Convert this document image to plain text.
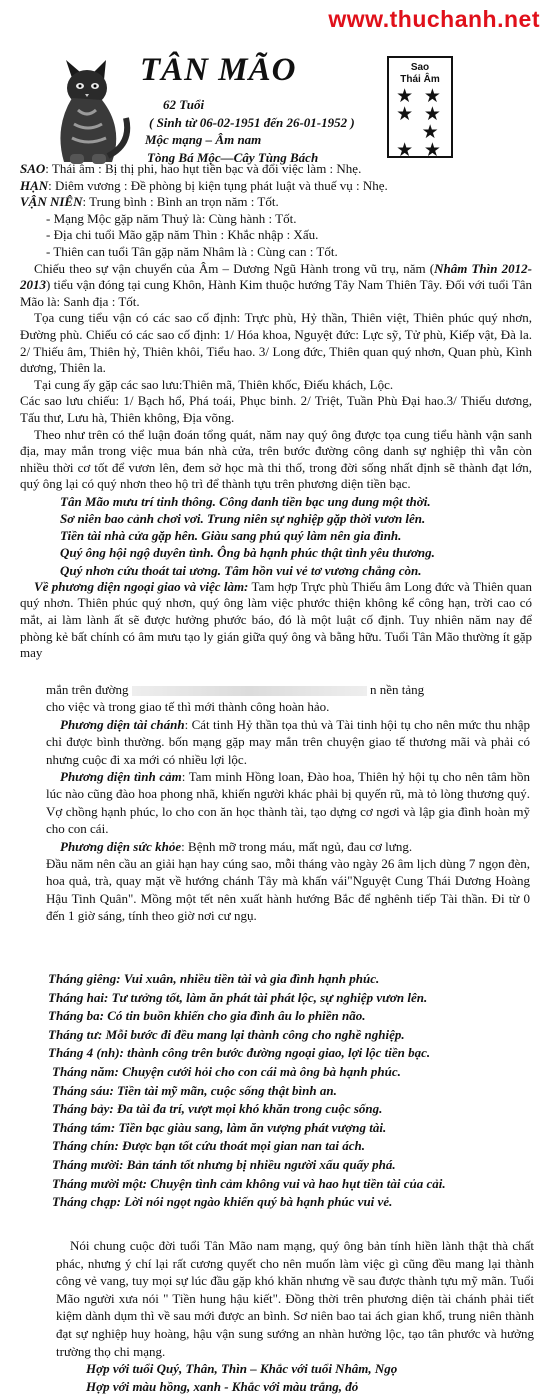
www.thuchanh.net
TÂN MÃO
62 Tuổi
( Sinh từ 06-02-1951 đến 26-01-1952 )
Mộc mạng – Âm nam
Tòng Bá Mộc—Cây Tùng Bách
Sao
Thái Âm
★ ★
★ ★
★
★ ★

SAO: Thái âm : Bị thị phi, hao hụt tiền bạc và đổi việc làm : Nhẹ.

HẠN: Diêm vương : Đề phòng bị kiện tụng phát luật và thuế vụ : Nhẹ.

VẬN NIÊN: Trung bình : Bình an trọn năm : Tốt.

- Mạng Mộc gặp năm Thuỷ là: Cùng hành : Tốt.

- Địa chi tuổi Mão gặp năm Thìn : Khắc nhập : Xấu.

- Thiên can tuổi Tân gặp năm Nhâm là : Cùng can : Tốt.

Chiếu theo sự vận chuyển của Âm – Dương Ngũ Hành trong vũ trụ, năm (Nhâm Thìn 2012-2013) tiểu vận đóng tại cung Khôn, Hành Kim thuộc hướng Tây Nam Thiên Tây. Đối với tuổi Tân Mão là: Sanh địa : Tốt.

Tọa cung tiểu vận có các sao cố định: Trực phù, Hỷ thần, Thiên việt, Thiên phúc quý nhơn, Đường phù. Chiếu có các sao cố định: 1/ Hóa khoa, Nguyệt đức: Lực sỹ, Tử phù, Kiếp vật, Đà la. 2/ Thiếu âm, Thiên hỷ, Thiên khôi, Tiểu hao. 3/ Long đức, Thiên quan quý nhơn, Quan phù, Kình dương, Thiên la.

Tại cung ấy gặp các sao lưu:Thiên mã, Thiên khốc, Điếu khách, Lộc.

Các sao lưu chiếu: 1/ Bạch hổ, Phá toái, Phục binh. 2/ Triệt, Tuần Phù Đại hao.3/ Thiếu dương, Tấu thư, Lưu hà, Thiên không, Địa võng.

Theo như trên có thể luận đoán tổng quát, năm nay quý ông được tọa cung tiểu hành vận sanh địa, may mắn trong việc mua bán nhà cửa, trên bước đường công danh sự nghiệp thì vẫn còn nhiều thời cơ tốt để vươn lên, đem sở học mà thi thố, trong đời sống nhất định sẽ thành đạt lớn, quý ông lại có quý nhơn theo hộ trì để thành tựu trên phương diện tiền bạc.

Tân Mão mưu trí tinh thông. Công danh tiền bạc ung dung một thời.
Sơ niên bao cảnh chơi vơi. Trung niên sự nghiệp gặp thời vươn lên.
Tiền tài nhà cửa gặp hên. Giàu sang phú quý làm nên gia đình.
Quý ông hội ngộ duyên tình. Ông bà hạnh phúc thật tình yêu thương.
Quý nhơn cứu thoát tai ương. Tâm hồn vui vẻ tơ vương chẳng còn.

Về phương diện ngoại giao và việc làm: Tam hợp Trực phù Thiếu âm Long đức và Thiên quan quý nhơn. Thiên phúc quý nhơn, quý ông làm việc phước thiện không kể công hạn, trời cao có mắt, ai làm lành ất sẽ được hưởng phước báo, đó là một luật cố định. Tuy nhiên năm nay để phòng kẻ bất chính có âm mưu tạo ly gián giữa quý ông và bằng hữu. Tuổi Tân Mão thường ít gặp may

mắn trên đường	n nền tảng

cho việc và trong giao tế thì mới thành công hoàn hảo.

Phương diện tài chánh: Cát tinh Hỷ thần tọa thủ và Tài tinh hội tụ cho nên mức thu nhập chỉ được bình thường. bốn mạng gặp may mắn trên chuyện giao tế thương mãi và phải có nhưng cuộc đi xa mới có nhiều lợi lộc.

Phương diện tình cảm: Tam minh Hồng loan, Đào hoa, Thiên hỷ hội tụ cho nên tâm hồn lúc nào cũng đào hoa phong nhã, khiến người khác phải bị quyến rũ, mà tỏ lòng thương quý. Vợ chồng hạnh phúc, lo cho con ăn học thành tài, tạo dựng cơ ngơi và lập gia đình hoàn mỹ cho con cái.

Phương diện sức khỏe: Bệnh mỡ trong máu, mất ngủ, đau cơ lưng.

Đầu năm nên cầu an giải hạn hay cúng sao, mỗi tháng vào ngày 26 âm lịch dùng 7 ngọn đèn, hoa quả, trà, quay mặt về hướng chánh Tây mà khấn vái"Nguyệt Cung Thái Dương Hoàng Hậu Tinh Quân". Mồng một tết nên xuất hành hướng Bắc để nghênh tiếp Tài thần. Đi từ 0 đến 1 giờ sáng, tính theo giờ nơi cư ngụ.

Tháng giêng: Vui xuân, nhiều tiền tài và gia đình hạnh phúc.
Tháng hai: Tư tưởng tốt, làm ăn phát tài phát lộc, sự nghiệp vươn lên.
Tháng ba: Có tin buồn khiến cho gia đình âu lo phiền não.
Tháng tư: Mỗi bước đi đều mang lại thành công cho nghề nghiệp.
Tháng 4 (nh): thành công trên bước đường ngoại giao, lợi lộc tiền bạc.
Tháng năm: Chuyện cưới hỏi cho con cái mà ông bà hạnh phúc.
Tháng sáu: Tiền tài mỹ mãn, cuộc sống thật bình an.
Tháng bảy: Đa tài đa trí, vượt mọi khó khăn trong cuộc sống.
Tháng tám: Tiền bạc giàu sang, làm ăn vượng phát vượng tài.
Tháng chín: Được bạn tốt cứu thoát mọi gian nan tai ách.
Tháng mười: Bản tánh tốt nhưng bị nhiều người xấu quấy phá.
Tháng mười một: Chuyện tình cảm không vui và hao hụt tiền tài của cải.
Tháng chạp: Lời nói ngọt ngào khiến quý bà hạnh phúc vui vẻ.

Nói chung cuộc đời tuổi Tân Mão nam mạng, quý ông bản tính hiền lành thật thà chất phác, nhưng ý chí lại rất cương quyết cho nên muốn làm việc gì cũng đều mang lại thành công vẻ vang, tuy mọi sự lúc đầu gặp khó khăn nhưng về sau được thành tựu mỹ mãn. Tuổi Mão người xưa nói " Tiền hung hậu kiết". Đồng thời trên phương diện tài chánh phải tiết kiệm dành dụm thì về sau mới được an bình. Sơ niên bao tai ách gian khổ, trung niên thành đạt sự nghiệp huy hoàng, hậu vận sung sướng an nhàn hưởng lộc, tạo tân phước và hưởng trường thọ chi mạng.

Hợp với tuổi Quý, Thân, Thìn – Khắc với tuổi Nhâm, Ngọ
Hợp với màu hồng, xanh - Khắc với màu trắng, đỏ
